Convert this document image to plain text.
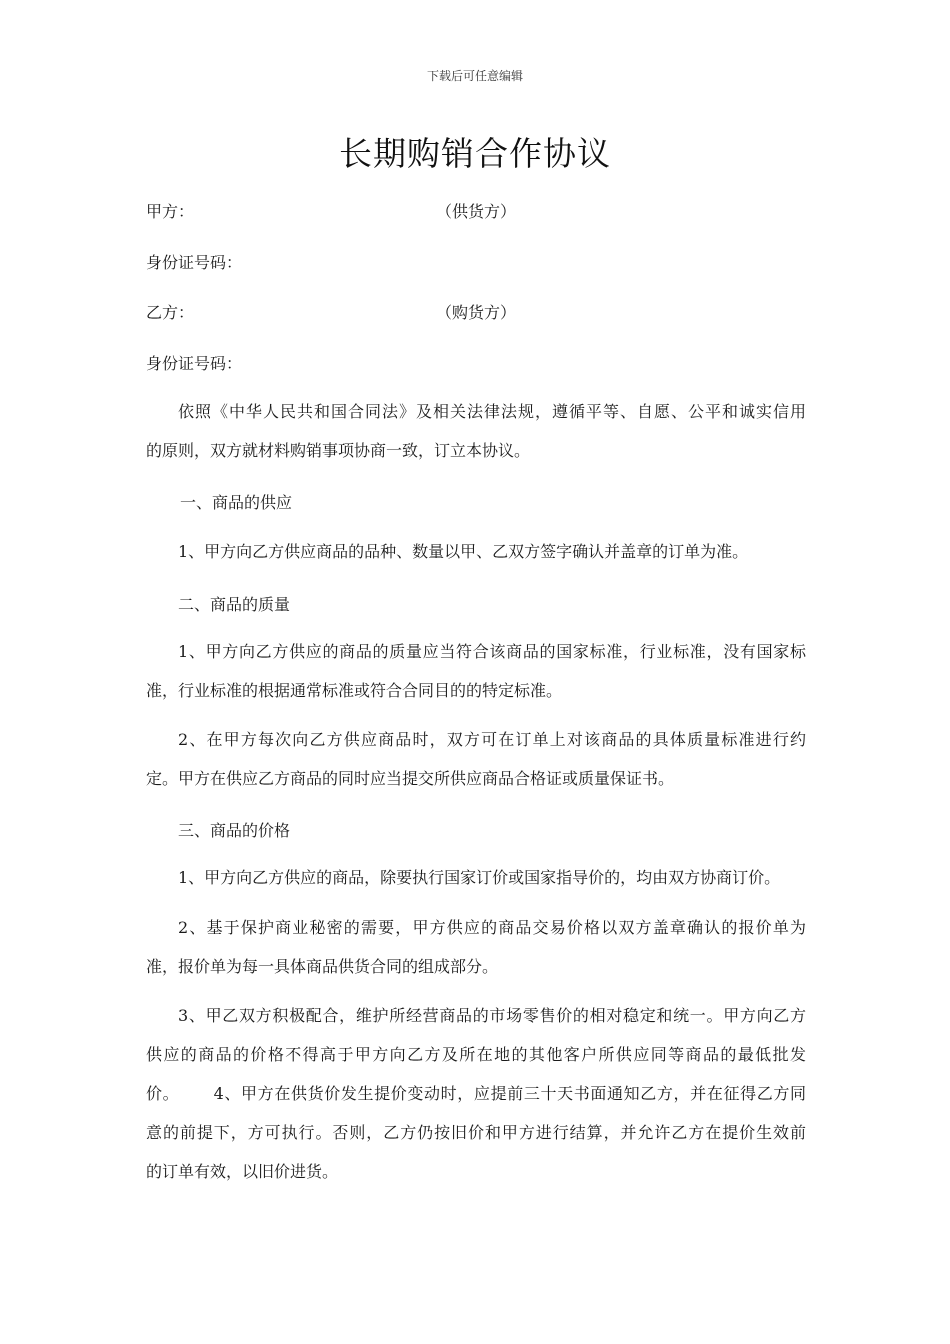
下载后可任意编辑
长期购销合作协议
甲方：	（供货方）
身份证号码：
乙方：	（购货方）
身份证号码：
依照《中华人民共和国合同法》及相关法律法规，遵循平等、自愿、公平和诚实信用
的原则，双方就材料购销事项协商一致，订立本协议。
一、商品的供应
1、甲方向乙方供应商品的品种、数量以甲、乙双方签字确认并盖章的订单为准。
二、商品的质量
1、甲方向乙方供应的商品的质量应当符合该商品的国家标准，行业标准，没有国家标
准，行业标准的根据通常标准或符合合同目的的特定标准。
2、在甲方每次向乙方供应商品时，双方可在订单上对该商品的具体质量标准进行约
定。甲方在供应乙方商品的同时应当提交所供应商品合格证或质量保证书。
三、商品的价格
1、甲方向乙方供应的商品，除要执行国家订价或国家指导价的，均由双方协商订价。
2、基于保护商业秘密的需要，甲方供应的商品交易价格以双方盖章确认的报价单为
准，报价单为每一具体商品供货合同的组成部分。
3、甲乙双方积极配合，维护所经营商品的市场零售价的相对稳定和统一。甲方向乙方
供应的商品的价格不得高于甲方向乙方及所在地的其他客户所供应同等商品的最低批发
价。      4、甲方在供货价发生提价变动时，应提前三十天书面通知乙方，并在征得乙方同
意的前提下，方可执行。否则，乙方仍按旧价和甲方进行结算，并允许乙方在提价生效前
的订单有效，以旧价进货。
